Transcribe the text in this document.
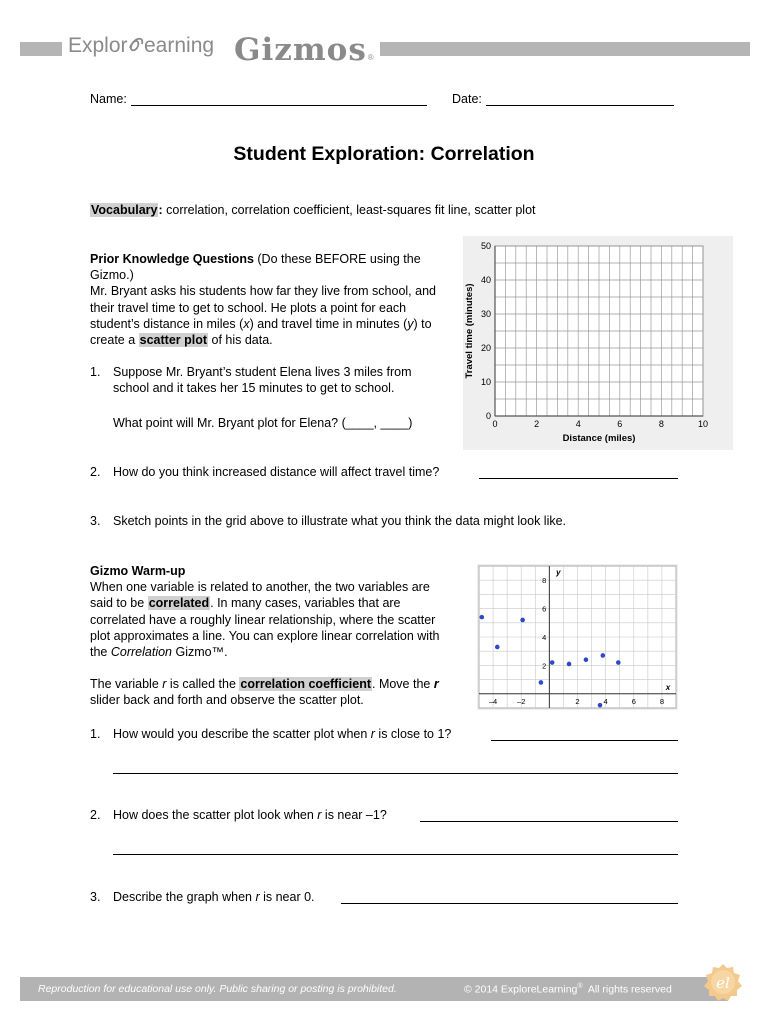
Explor earning Gizmos ®
Name:	Date:
Student Exploration: Correlation
Vocabulary: correlation, correlation coefficient, least-squares fit line, scatter plot
Prior Knowledge Questions (Do these BEFORE using the Gizmo.)
Mr. Bryant asks his students how far they live from school, and their travel time to get to school. He plots a point for each student’s distance in miles (x) and travel time in minutes (y) to create a scatter plot of his data.
0	2	4	6	8	10
0
10
20
30
40
50
Distance (miles)
Travel time (minutes)
1.	Suppose Mr. Bryant’s student Elena lives 3 miles from school and it takes her 15 minutes to get to school.
What point will Mr. Bryant plot for Elena? (____, ____)
2. How do you think increased distance will affect travel time?
3. Sketch points in the grid above to illustrate what you think the data might look like.
Gizmo Warm-up
When one variable is related to another, the two variables are said to be correlated. In many cases, variables that are correlated have a roughly linear relationship, where the scatter plot approximates a line. You can explore linear correlation with the Correlation Gizmo™.
The variable r is called the correlation coefficient. Move the r slider back and forth and observe the scatter plot.	–4	–2	2	4	6	8
2
4
6
8
x
y
1. How would you describe the scatter plot when r is close to 1?
2. How does the scatter plot look when r is near –1?
3. Describe the graph when r is near 0.
Reproduction for educational use only. Public sharing or posting is prohibited.	© 2014 ExploreLearning®  All rights reserved	el
